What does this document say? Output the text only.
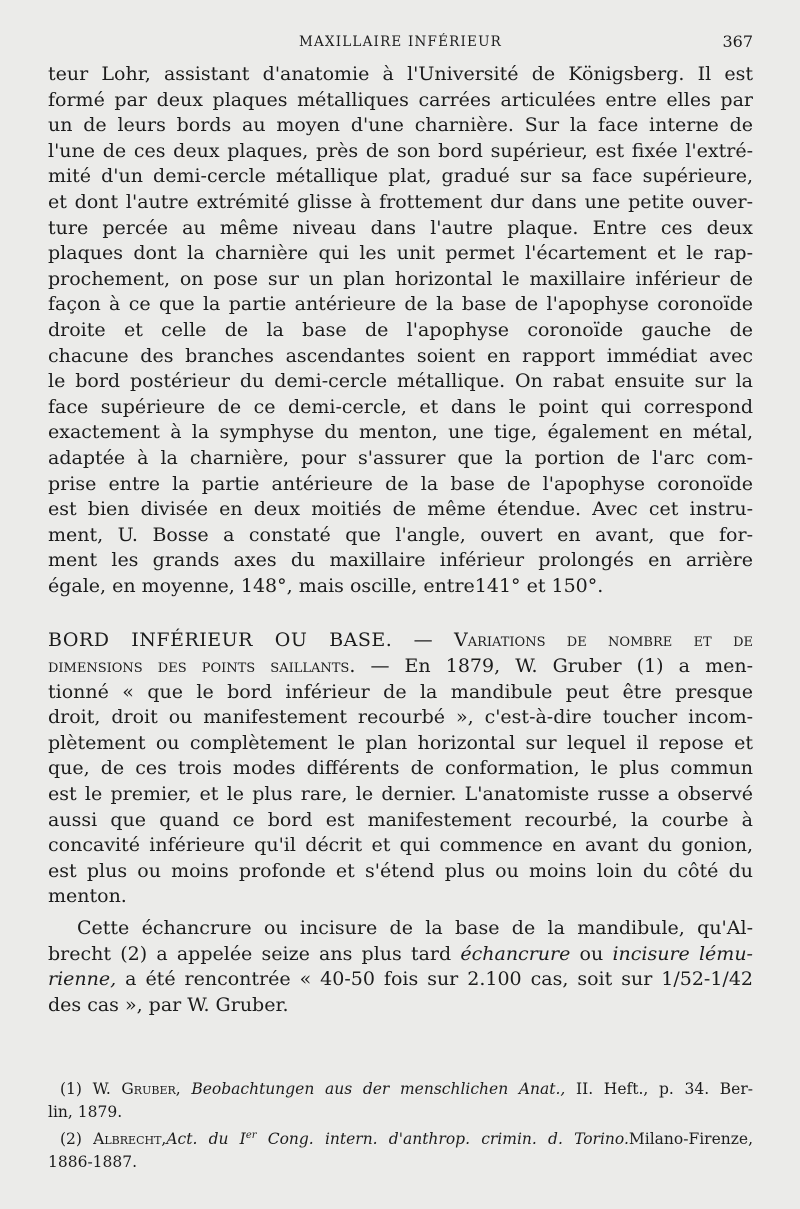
MAXILLAIRE INFÉRIEUR	367
teur Lohr, assistant d'anatomie à l'Université de Königsberg. Il est
formé par deux plaques métalliques carrées articulées entre elles par
un de leurs bords au moyen d'une charnière. Sur la face interne de
l'une de ces deux plaques, près de son bord supérieur, est fixée l'extré-
mité d'un demi-cercle métallique plat, gradué sur sa face supérieure,
et dont l'autre extrémité glisse à frottement dur dans une petite ouver-
ture percée au même niveau dans l'autre plaque. Entre ces deux
plaques dont la charnière qui les unit permet l'écartement et le rap-
prochement, on pose sur un plan horizontal le maxillaire inférieur de
façon à ce que la partie antérieure de la base de l'apophyse coronoïde
droite et celle de la base de l'apophyse coronoïde gauche de
chacune des branches ascendantes soient en rapport immédiat avec
le bord postérieur du demi-cercle métallique. On rabat ensuite sur la
face supérieure de ce demi-cercle, et dans le point qui correspond
exactement à la symphyse du menton, une tige, également en métal,
adaptée à la charnière, pour s'assurer que la portion de l'arc com-
prise entre la partie antérieure de la base de l'apophyse coronoïde
est bien divisée en deux moitiés de même étendue. Avec cet instru-
ment, U. Bosse a constaté que l'angle, ouvert en avant, que for-
ment les grands axes du maxillaire inférieur prolongés en arrière
égale, en moyenne, 148°, mais oscille, entre141° et 150°.
BORD INFÉRIEUR OU BASE. — Variations de nombre et de
dimensions des points saillants. — En 1879, W. Gruber (1) a men-
tionné « que le bord inférieur de la mandibule peut être presque
droit, droit ou manifestement recourbé », c'est-à-dire toucher incom-
plètement ou complètement le plan horizontal sur lequel il repose et
que, de ces trois modes différents de conformation, le plus commun
est le premier, et le plus rare, le dernier. L'anatomiste russe a observé
aussi que quand ce bord est manifestement recourbé, la courbe à
concavité inférieure qu'il décrit et qui commence en avant du gonion,
est plus ou moins profonde et s'étend plus ou moins loin du côté du
menton.
Cette échancrure ou incisure de la base de la mandibule, qu'Al-
brecht (2) a appelée seize ans plus tard échancrure ou incisure lému-
rienne, a été rencontrée « 40-50 fois sur 2.100 cas, soit sur 1/52-1/42
des cas », par W. Gruber.
(1) W. Gruber, Beobachtungen aus der menschlichen Anat., II. Heft., p. 34. Ber-
lin, 1879.
(2) Albrecht,Act. du Ier Cong. intern. d'anthrop. crimin. d. Torino.Milano-Firenze,
1886-1887.
